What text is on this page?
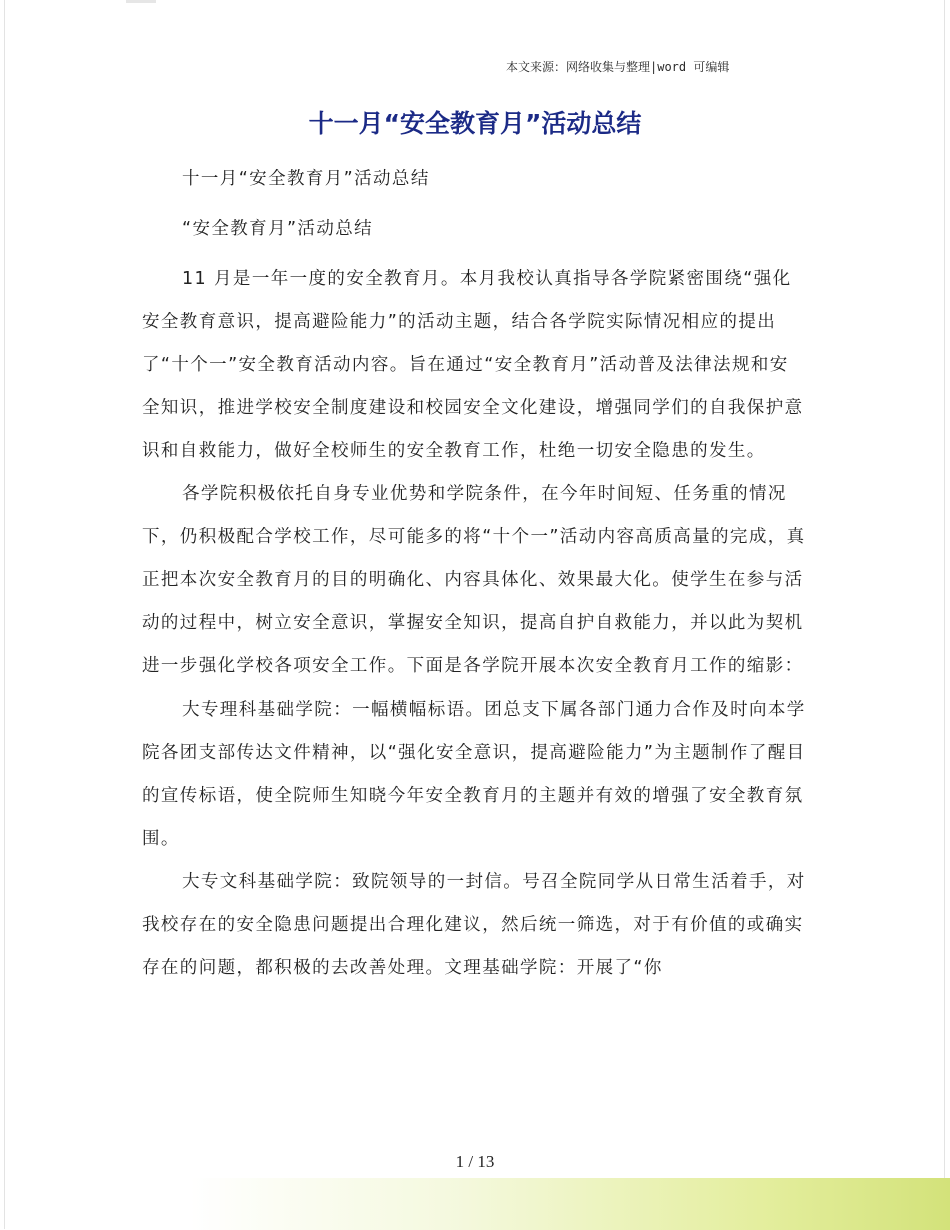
本文来源：网络收集与整理|word 可编辑
十一月“安全教育月”活动总结
十一月“安全教育月”活动总结
“安全教育月”活动总结

11 月是一年一度的安全教育月。本月我校认真指导各学院紧密围绕“强化安全教育意识，提高避险能力”的活动主题，结合各学院实际情况相应的提出了“十个一”安全教育活动内容。旨在通过“安全教育月”活动普及法律法规和安全知识，推进学校安全制度建设和校园安全文化建设，增强同学们的自我保护意识和自救能力，做好全校师生的安全教育工作，杜绝一切安全隐患的发生。

各学院积极依托自身专业优势和学院条件，在今年时间短、任务重的情况下，仍积极配合学校工作，尽可能多的将“十个一”活动内容高质高量的完成，真正把本次安全教育月的目的明确化、内容具体化、效果最大化。使学生在参与活动的过程中，树立安全意识，掌握安全知识，提高自护自救能力，并以此为契机进一步强化学校各项安全工作。下面是各学院开展本次安全教育月工作的缩影：

大专理科基础学院：一幅横幅标语。团总支下属各部门通力合作及时向本学院各团支部传达文件精神，以“强化安全意识，提高避险能力”为主题制作了醒目的宣传标语，使全院师生知晓今年安全教育月的主题并有效的增强了安全教育氛围。

大专文科基础学院：致院领导的一封信。号召全院同学从日常生活着手，对我校存在的安全隐患问题提出合理化建议，然后统一筛选，对于有价值的或确实存在的问题，都积极的去改善处理。文理基础学院：开展了“你

1 / 13
